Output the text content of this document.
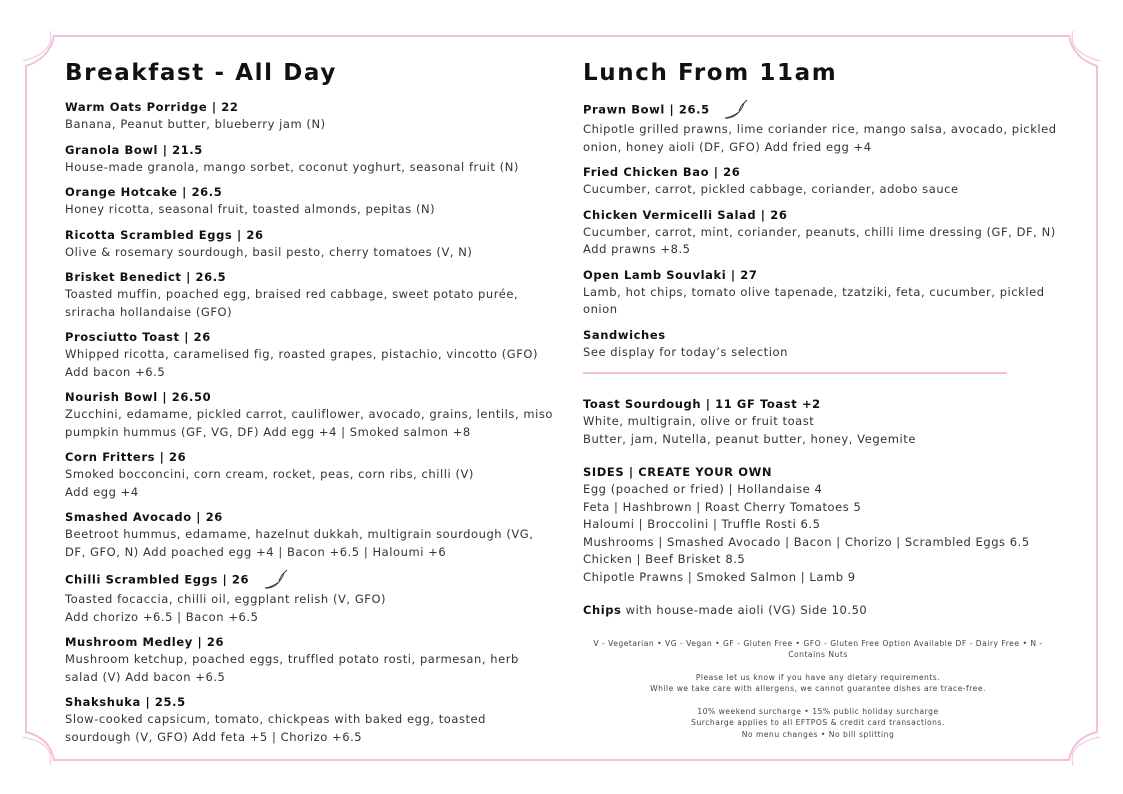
Breakfast - All Day
Warm Oats Porridge | 22
Banana, Peanut butter, blueberry jam (N)
Granola Bowl | 21.5
House-made granola, mango sorbet, coconut yoghurt, seasonal fruit (N)
Orange Hotcake | 26.5
Honey ricotta, seasonal fruit, toasted almonds, pepitas (N)
Ricotta Scrambled Eggs | 26
Olive & rosemary sourdough, basil pesto, cherry tomatoes (V, N)
Brisket Benedict | 26.5
Toasted muffin, poached egg, braised red cabbage, sweet potato purée, sriracha hollandaise (GFO)
Prosciutto Toast | 26
Whipped ricotta, caramelised fig, roasted grapes, pistachio, vincotto (GFO) Add bacon +6.5
Nourish Bowl | 26.50
Zucchini, edamame, pickled carrot, cauliflower, avocado, grains, lentils, miso pumpkin hummus (GF, VG, DF) Add egg +4 | Smoked salmon +8
Corn Fritters | 26
Smoked bocconcini, corn cream, rocket, peas, corn ribs, chilli (V)
Add egg +4
Smashed Avocado | 26
Beetroot hummus, edamame, hazelnut dukkah, multigrain sourdough (VG, DF, GFO, N) Add poached egg +4 | Bacon +6.5 | Haloumi +6
Chilli Scrambled Eggs | 26
Toasted focaccia, chilli oil, eggplant relish (V, GFO)
Add chorizo +6.5 | Bacon +6.5
Mushroom Medley | 26
Mushroom ketchup, poached eggs, truffled potato rosti, parmesan, herb salad (V) Add bacon +6.5
Shakshuka | 25.5
Slow-cooked capsicum, tomato, chickpeas with baked egg, toasted sourdough (V, GFO) Add feta +5 | Chorizo +6.5
Lunch From 11am
Prawn Bowl | 26.5
Chipotle grilled prawns, lime coriander rice, mango salsa, avocado, pickled onion, honey aioli (DF, GFO) Add fried egg +4
Fried Chicken Bao | 26
Cucumber, carrot, pickled cabbage, coriander, adobo sauce
Chicken Vermicelli Salad | 26
Cucumber, carrot, mint, coriander, peanuts, chilli lime dressing (GF, DF, N) Add prawns +8.5
Open Lamb Souvlaki | 27
Lamb, hot chips, tomato olive tapenade, tzatziki, feta, cucumber, pickled onion
Sandwiches
See display for today’s selection
Toast Sourdough | 11 GF Toast +2
White, multigrain, olive or fruit toast
Butter, jam, Nutella, peanut butter, honey, Vegemite
SIDES | CREATE YOUR OWN
Egg (poached or fried) | Hollandaise 4
Feta | Hashbrown | Roast Cherry Tomatoes 5
Haloumi | Broccolini | Truffle Rosti 6.5
Mushrooms | Smashed Avocado | Bacon | Chorizo | Scrambled Eggs 6.5
Chicken | Beef Brisket 8.5
Chipotle Prawns | Smoked Salmon | Lamb 9
Chips with house-made aioli (VG) Side 10.50
V - Vegetarian • VG - Vegan • GF - Gluten Free • GFO - Gluten Free Option Available DF - Dairy Free • N - Contains Nuts
Please let us know if you have any dietary requirements.
While we take care with allergens, we cannot guarantee dishes are trace-free.
10% weekend surcharge • 15% public holiday surcharge
Surcharge applies to all EFTPOS & credit card transactions.
No menu changes • No bill splitting
